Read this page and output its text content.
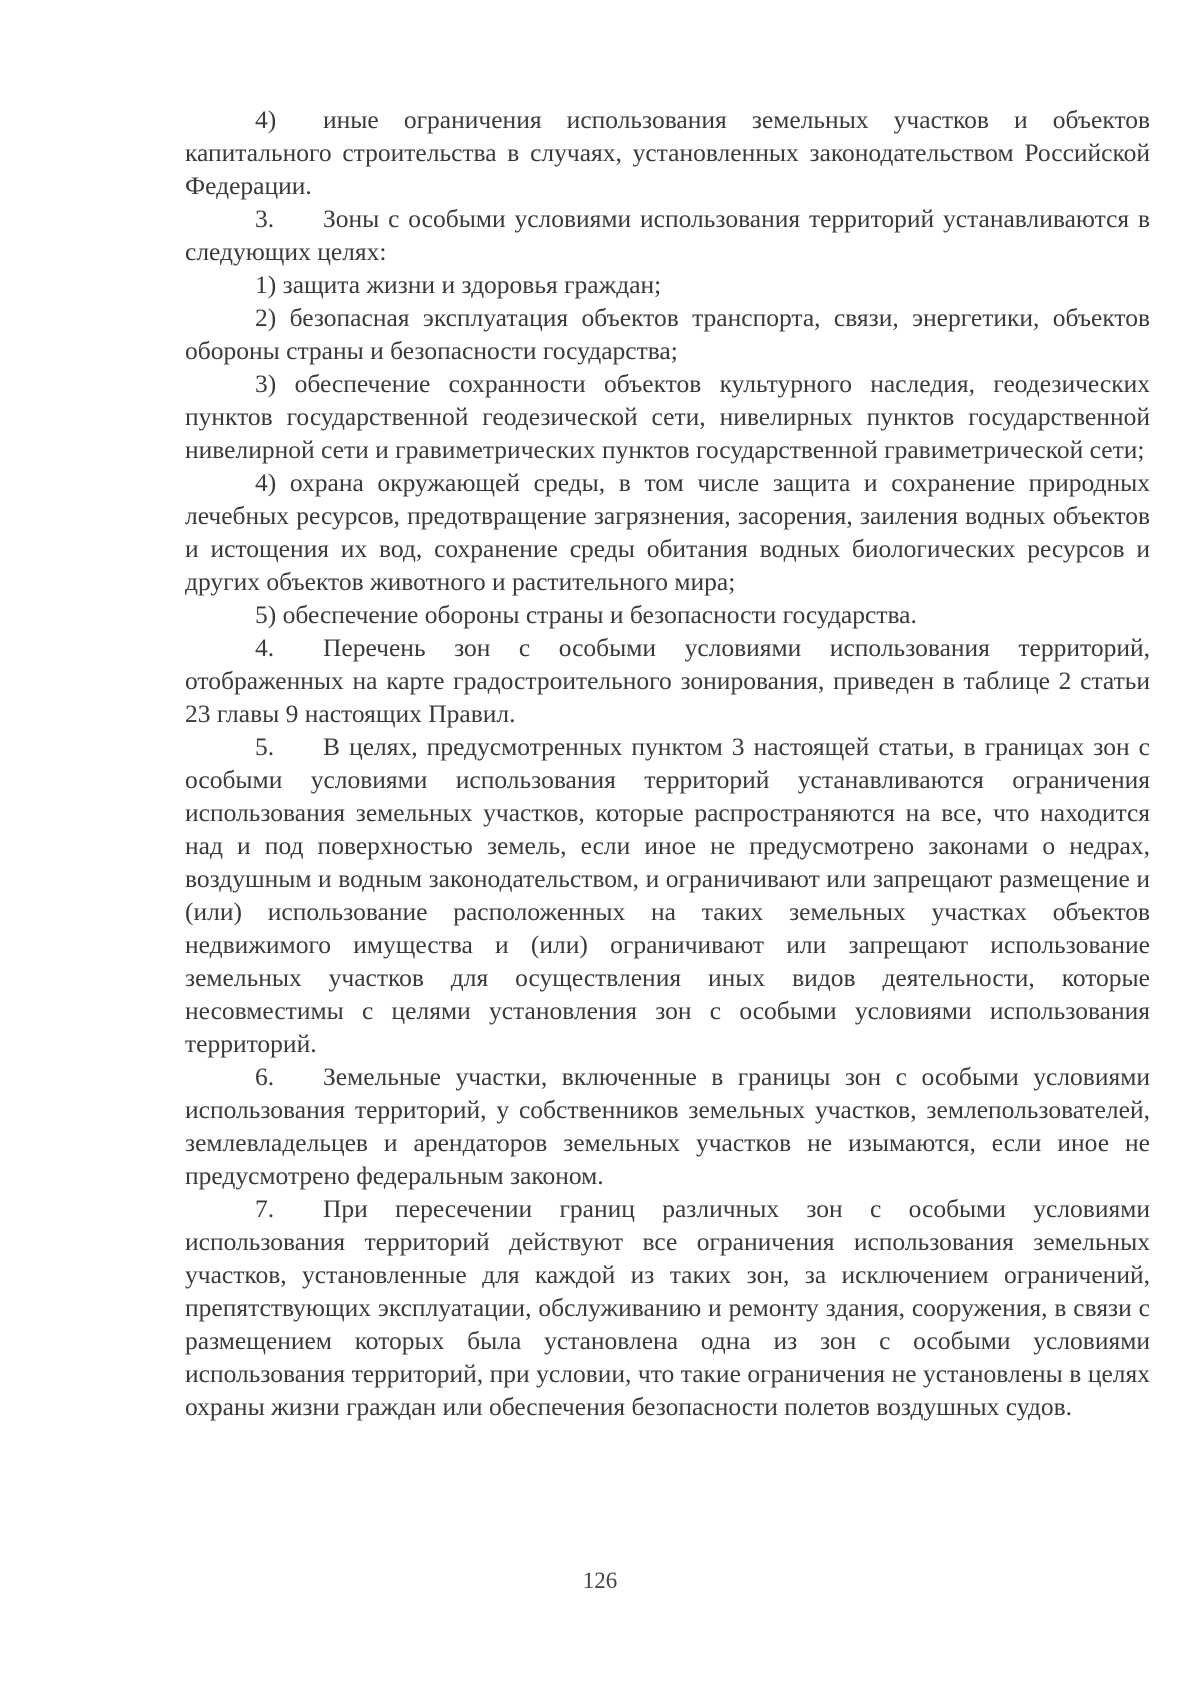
4) иные ограничения использования земельных участков и объектов капитального строительства в случаях, установленных законодательством Российской Федерации.

3. Зоны с особыми условиями использования территорий устанавливаются в следующих целях:

1) защита жизни и здоровья граждан;

2) безопасная эксплуатация объектов транспорта, связи, энергетики, объектов обороны страны и безопасности государства;

3) обеспечение сохранности объектов культурного наследия, геодезических пунктов государственной геодезической сети, нивелирных пунктов государственной нивелирной сети и гравиметрических пунктов государственной гравиметрической сети;

4) охрана окружающей среды, в том числе защита и сохранение природных лечебных ресурсов, предотвращение загрязнения, засорения, заиления водных объектов и истощения их вод, сохранение среды обитания водных биологических ресурсов и других объектов животного и растительного мира;

5) обеспечение обороны страны и безопасности государства.

4. Перечень зон с особыми условиями использования территорий, отображенных на карте градостроительного зонирования, приведен в таблице 2 статьи 23 главы 9 настоящих Правил.

5. В целях, предусмотренных пунктом 3 настоящей статьи, в границах зон с особыми условиями использования территорий устанавливаются ограничения использования земельных участков, которые распространяются на все, что находится над и под поверхностью земель, если иное не предусмотрено законами о недрах, воздушным и водным законодательством, и ограничивают или запрещают размещение и (или) использование расположенных на таких земельных участках объектов недвижимого имущества и (или) ограничивают или запрещают использование земельных участков для осуществления иных видов деятельности, которые несовместимы с целями установления зон с особыми условиями использования территорий.

6. Земельные участки, включенные в границы зон с особыми условиями использования территорий, у собственников земельных участков, землепользователей, землевладельцев и арендаторов земельных участков не изымаются, если иное не предусмотрено федеральным законом.

7. При пересечении границ различных зон с особыми условиями использования территорий действуют все ограничения использования земельных участков, установленные для каждой из таких зон, за исключением ограничений, препятствующих эксплуатации, обслуживанию и ремонту здания, сооружения, в связи с размещением которых была установлена одна из зон с особыми условиями использования территорий, при условии, что такие ограничения не установлены в целях охраны жизни граждан или обеспечения безопасности полетов воздушных судов.

126
